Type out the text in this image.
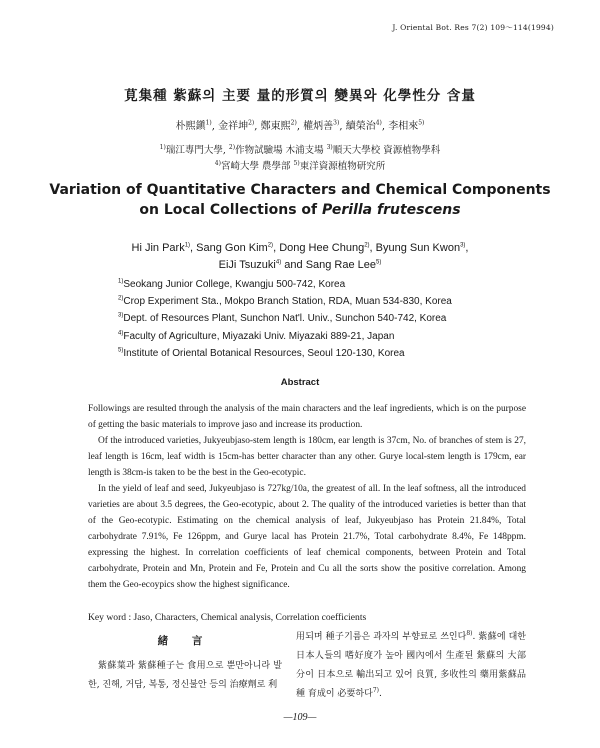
J. Oriental Bot. Res 7(2) 109～114(1994)
莧集種 紫蘇의 主要 量的形質의 變異와 化學性分 含量
朴熙鎭$^{1)}$, 金祥坤$^{2)}$, 鄭東熙$^{2)}$, 權炳善$^{3)}$, 續榮治$^{4)}$, 李相來$^{5)}$
$^{1)}$瑞江專門大學, $^{2)}$作物試驗場 木浦支場 $^{3)}$順天大學校 資源植物學科
$^{4)}$宮崎大學 農學部 $^{5)}$東洋資源植物研究所
Variation of Quantitative Characters and Chemical Components
on Local Collections of Perilla frutescens
Hi Jin Park$^{1)}$, Sang Gon Kim$^{2)}$, Dong Hee Chung$^{2)}$, Byung Sun Kwon$^{3)}$,
EiJi Tsuzuki$^{4)}$ and Sang Rae Lee$^{5)}$
$^{1)}$Seokang Junior College, Kwangju 500-742, Korea
$^{2)}$Crop Experiment Sta., Mokpo Branch Station, RDA, Muan 534-830, Korea
$^{3)}$Dept. of Resources Plant, Sunchon Nat'l. Univ., Sunchon 540-742, Korea
$^{4)}$Faculty of Agriculture, Miyazaki Univ. Miyazaki 889-21, Japan
$^{5)}$Institute of Oriental Botanical Resources, Seoul 120-130, Korea
Abstract

Followings are resulted through the analysis of the main characters and the leaf ingredients, which is on the purpose of getting the basic materials to improve jaso and increase its production.

Of the introduced varieties, Jukyeubjaso-stem length is 180cm, ear length is 37cm, No. of branches of stem is 27, leaf length is 16cm, leaf width is 15cm-has better character than any other. Gurye local-stem length is 179cm, ear length is 38cm-is taken to be the best in the Geo-ecotypic.

In the yield of leaf and seed, Jukyeubjaso is 727kg/10a, the greatest of all. In the leaf softness, all the introduced varieties are about 3.5 degrees, the Geo-ecotypic, about 2. The quality of the introduced varieties is better than that of the Geo-ecotypic. Estimating on the chemical analysis of leaf, Jukyeubjaso has Protein 21.84%, Total carbohydrate 7.91%, Fe 126ppm, and Gurye lacal has Protein 21.7%, Total carbohydrate 8.4%, Fe 148ppm. expressing the highest. In correlation coefficients of leaf chemical components, between Protein and Total carbohydrate, Protein and Mn, Protein and Fe, Protein and Cu all the sorts show the positive correlation. Among them the Geo-ecoypics show the highest significance.

Key word : Jaso, Characters, Chemical analysis, Correlation coefficients
緒 言

紫蘇葉과 紫蘇種子는 食用으로 뿐만아니라 발한, 진해, 거담, 복통, 정신불안 등의 治療劑로 利

用되며 種子기름은 과자의 부향료로 쓰인다$^{8)}$. 紫蘇에 대한 日本人들의 嗜好度가 높아 國內에서 生產된 紫蘇의 大部分이 日本으로 輸出되고 있어 良質, 多收性의 藥用紫蘇品種 育成이 必要하다$^{7)}$.

—109—
